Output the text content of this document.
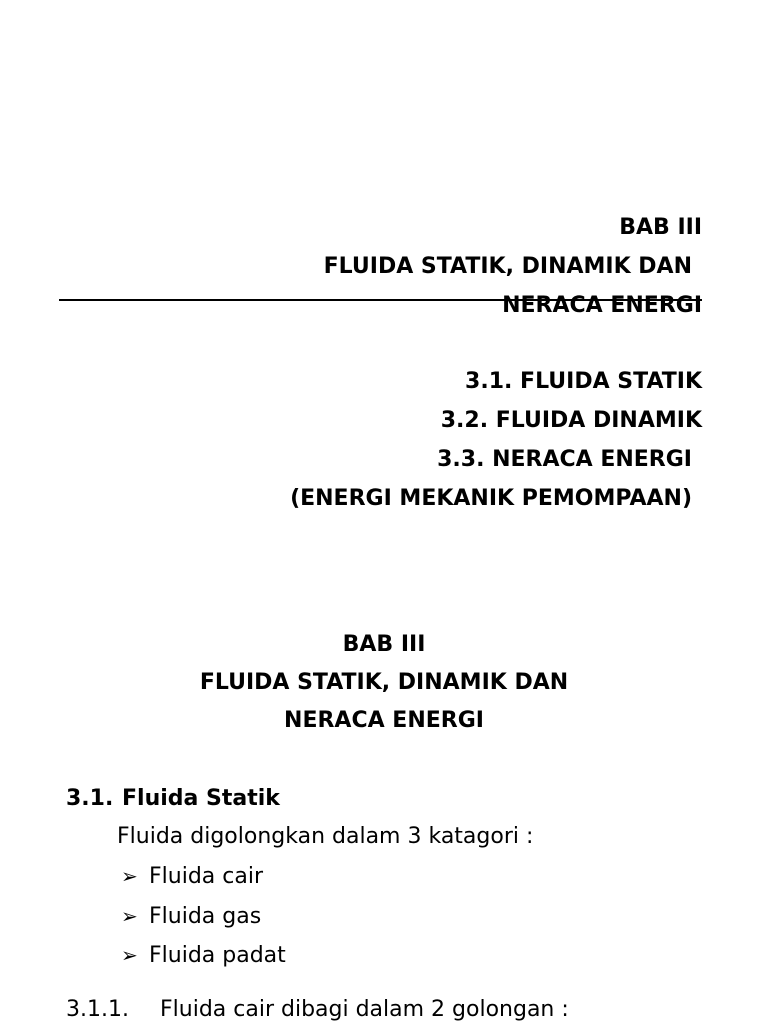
BAB III
FLUIDA STATIK, DINAMIK DAN
NERACA ENERGI
3.1. FLUIDA STATIK
3.2. FLUIDA DINAMIK
3.3. NERACA ENERGI
(ENERGI MEKANIK PEMOMPAAN)
BAB III
FLUIDA STATIK, DINAMIK DAN
NERACA ENERGI
3.1. Fluida Statik
Fluida digolongkan dalam 3 katagori :
➢ Fluida cair
➢ Fluida gas
➢ Fluida padat
3.1.1. Fluida cair dibagi dalam 2 golongan :
